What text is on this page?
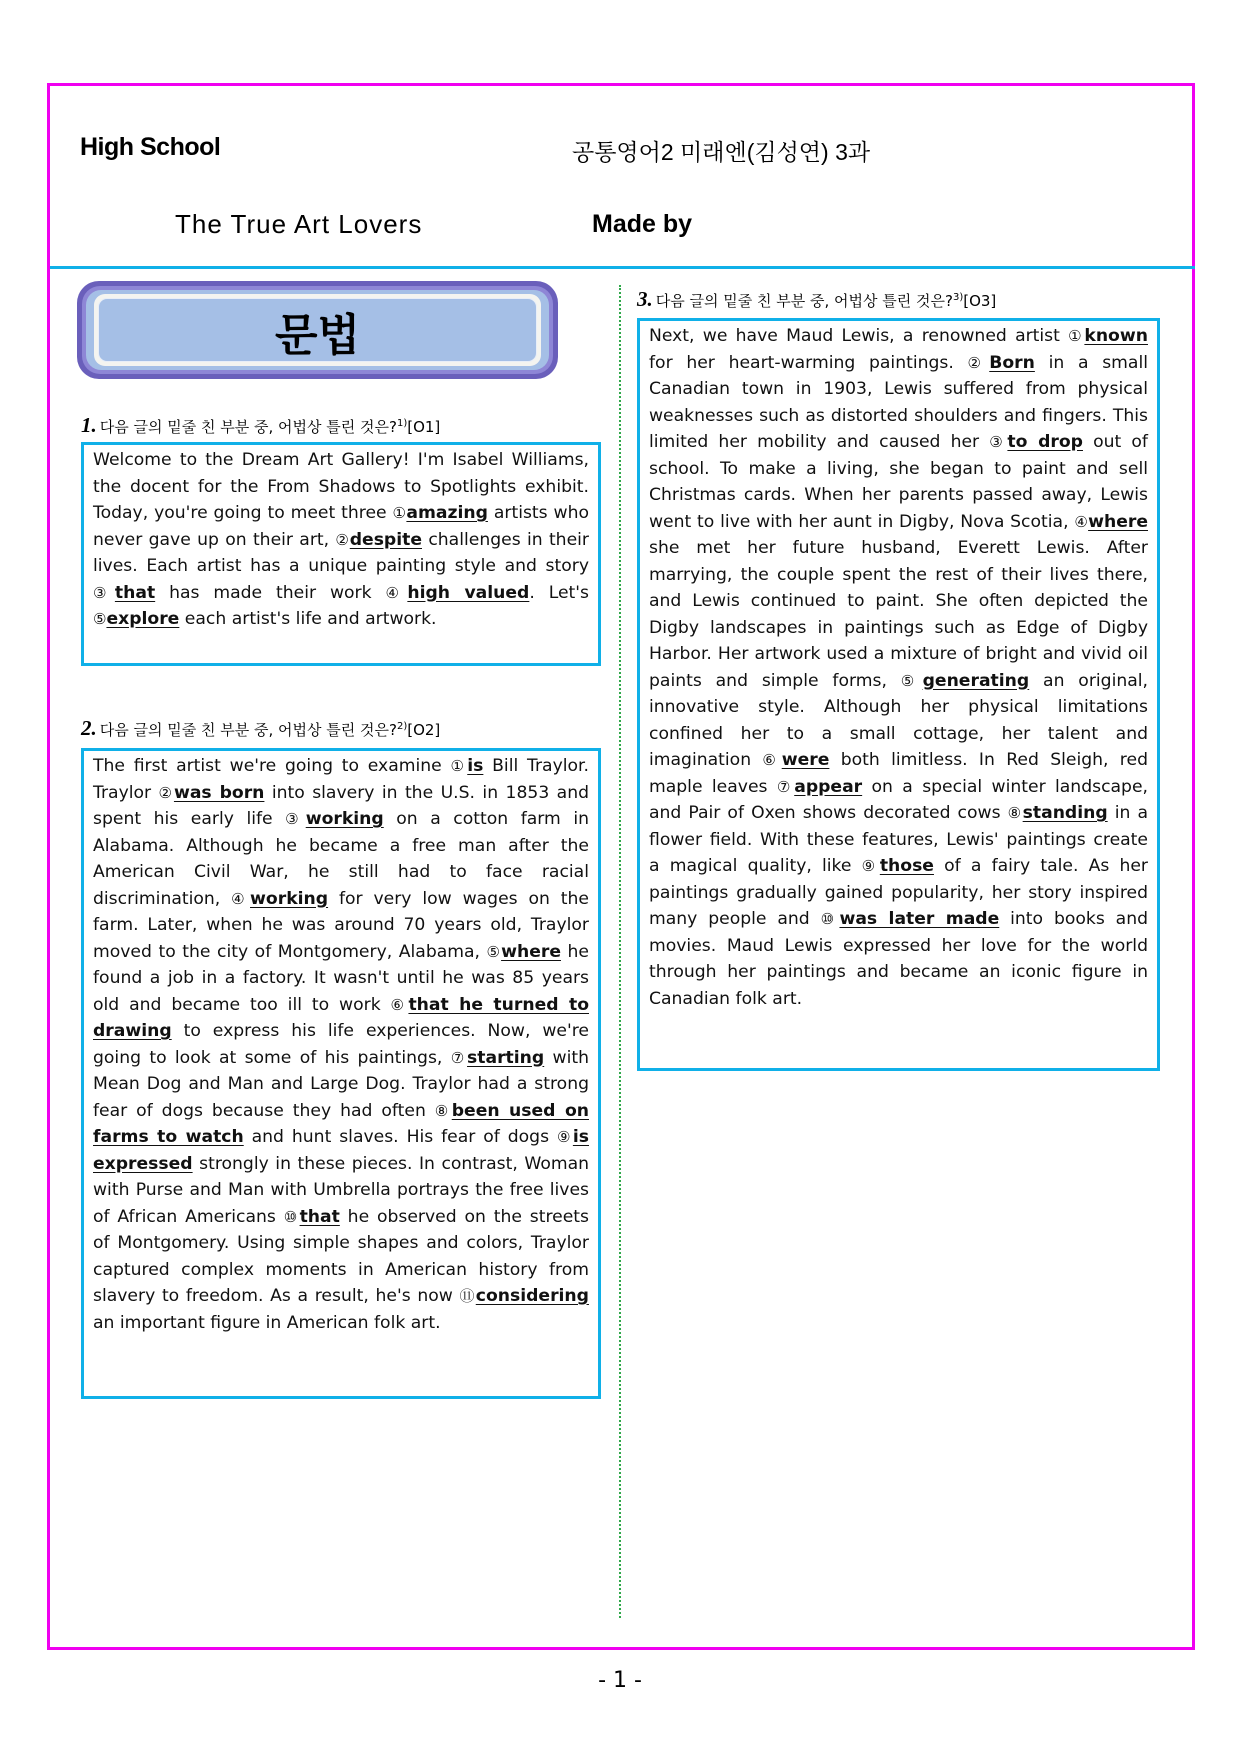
High School	공통영어2 미래엔(김성연) 3과
The True Art Lovers	Made by
문법
1. 다음 글의 밑줄 친 부분 중, 어법상 틀린 것은?$^{1)}$[O1]
Welcome to the Dream Art Gallery! I'm Isabel Williams, the docent for the From Shadows to Spotlights exhibit. Today, you're going to meet three ①amazing artists who never gave up on their art, ②despite challenges in their lives. Each artist has a unique painting style and story ③that has made their work ④high valued. Let's ⑤explore each artist's life and artwork.
2. 다음 글의 밑줄 친 부분 중, 어법상 틀린 것은?$^{2)}$[O2]
The first artist we're going to examine ①is Bill Traylor. Traylor ②was born into slavery in the U.S. in 1853 and spent his early life ③working on a cotton farm in Alabama. Although he became a free man after the American Civil War, he still had to face racial discrimination, ④working for very low wages on the farm. Later, when he was around 70 years old, Traylor moved to the city of Montgomery, Alabama, ⑤where he found a job in a factory. It wasn't until he was 85 years old and became too ill to work ⑥that he turned to drawing to express his life experiences. Now, we're going to look at some of his paintings, ⑦starting with Mean Dog and Man and Large Dog. Traylor had a strong fear of dogs because they had often ⑧been used on farms to watch and hunt slaves. His fear of dogs ⑨is expressed strongly in these pieces. In contrast, Woman with Purse and Man with Umbrella portrays the free lives of African Americans ⑩that he observed on the streets of Montgomery. Using simple shapes and colors, Traylor captured complex moments in American history from slavery to freedom. As a result, he's now ⑪considering an important figure in American folk art.
3. 다음 글의 밑줄 친 부분 중, 어법상 틀린 것은?$^{3)}$[O3]
Next, we have Maud Lewis, a renowned artist ①known for her heart-warming paintings. ②Born in a small Canadian town in 1903, Lewis suffered from physical weaknesses such as distorted shoulders and fingers. This limited her mobility and caused her ③to drop out of school. To make a living, she began to paint and sell Christmas cards. When her parents passed away, Lewis went to live with her aunt in Digby, Nova Scotia, ④where she met her future husband, Everett Lewis. After marrying, the couple spent the rest of their lives there, and Lewis continued to paint. She often depicted the Digby landscapes in paintings such as Edge of Digby Harbor. Her artwork used a mixture of bright and vivid oil paints and simple forms, ⑤generating an original, innovative style. Although her physical limitations confined her to a small cottage, her talent and imagination ⑥were both limitless. In Red Sleigh, red maple leaves ⑦appear on a special winter landscape, and Pair of Oxen shows decorated cows ⑧standing in a flower field. With these features, Lewis' paintings create a magical quality, like ⑨those of a fairy tale. As her paintings gradually gained popularity, her story inspired many people and ⑩was later made into books and movies. Maud Lewis expressed her love for the world through her paintings and became an iconic figure in Canadian folk art.
- 1 -
